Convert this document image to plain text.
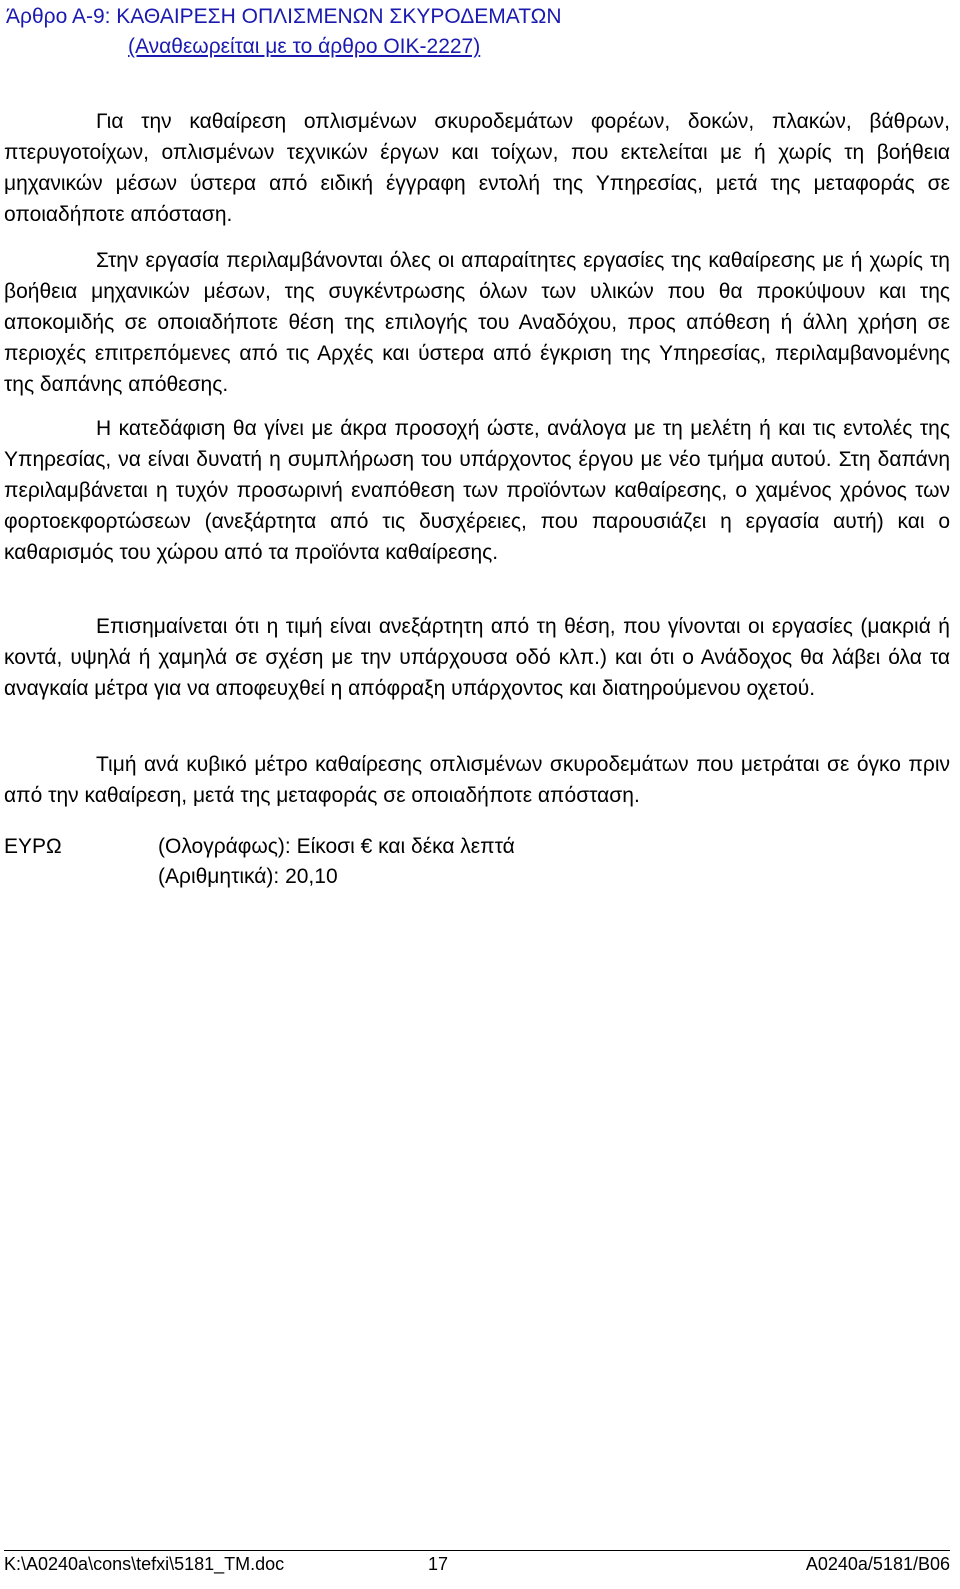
Άρθρο Α-9: ΚΑΘΑΙΡΕΣΗ ΟΠΛΙΣΜΕΝΩΝ ΣΚΥΡΟΔΕΜΑΤΩΝ
(Αναθεωρείται με το άρθρο ΟΙΚ-2227)

Για την καθαίρεση οπλισμένων σκυροδεμάτων φορέων, δοκών, πλακών, βάθρων, πτερυγοτοίχων, οπλισμένων τεχνικών έργων και τοίχων, που εκτελείται με ή χωρίς τη βοήθεια μηχανικών μέσων ύστερα από ειδική έγγραφη εντολή της Υπηρεσίας, μετά της μεταφοράς σε οποιαδήποτε απόσταση.

Στην εργασία περιλαμβάνονται όλες οι απαραίτητες εργασίες της καθαίρεσης με ή χωρίς τη βοήθεια μηχανικών μέσων, της συγκέντρωσης όλων των υλικών που θα προκύψουν και της αποκομιδής σε οποιαδήποτε θέση της επιλογής του Αναδόχου, προς απόθεση ή άλλη χρήση σε περιοχές επιτρεπόμενες από τις Αρχές και ύστερα από έγκριση της Υπηρεσίας, περιλαμβανομένης της δαπάνης απόθεσης.

Η κατεδάφιση θα γίνει με άκρα προσοχή ώστε, ανάλογα με τη μελέτη ή και τις εντολές της Υπηρεσίας, να είναι δυνατή η συμπλήρωση του υπάρχοντος έργου με νέο τμήμα αυτού. Στη δαπάνη περιλαμβάνεται η τυχόν προσωρινή εναπόθεση των προϊόντων καθαίρεσης, ο χαμένος χρόνος των φορτοεκφορτώσεων (ανεξάρτητα από τις δυσχέρειες, που παρουσιάζει η εργασία αυτή) και ο καθαρισμός του χώρου από τα προϊόντα καθαίρεσης.

Επισημαίνεται ότι η τιμή είναι ανεξάρτητη από τη θέση, που γίνονται οι εργασίες (μακριά ή κοντά, υψηλά ή χαμηλά σε σχέση με την υπάρχουσα οδό κλπ.) και ότι ο Ανάδοχος θα λάβει όλα τα αναγκαία μέτρα για να αποφευχθεί η απόφραξη υπάρχοντος και διατηρούμενου οχετού.

Τιμή ανά κυβικό μέτρο καθαίρεσης οπλισμένων σκυροδεμάτων που μετράται σε όγκο πριν από την καθαίρεση, μετά της μεταφοράς σε οποιαδήποτε απόσταση.

ΕΥΡΩ	(Ολογράφως): Είκοσι € και δέκα λεπτά
(Αριθμητικά): 20,10
K:\A0240a\cons\tefxi\5181_TM.doc	17	A0240a/5181/B06
